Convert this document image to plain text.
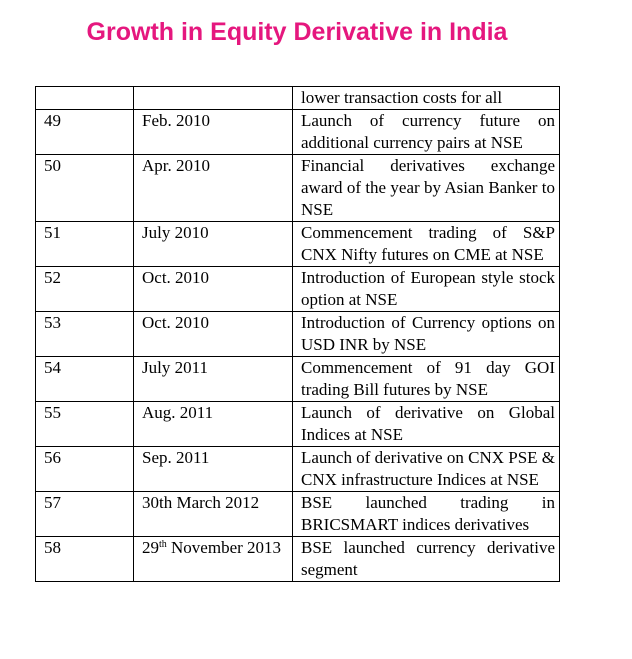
Growth in Equity Derivative in India
		lower transaction costs for all
49	Feb. 2010	Launch of currency future on additional currency pairs at NSE
50	Apr. 2010	Financial derivatives exchange award of the year by Asian Banker to NSE
51	July 2010	Commencement trading of S&P CNX Nifty futures on CME at NSE
52	Oct. 2010	Introduction of European style stock option at NSE
53	Oct. 2010	Introduction of Currency options on USD INR by NSE
54	July 2011	Commencement of 91 day GOI trading Bill futures by NSE
55	Aug. 2011	Launch of derivative on Global Indices at NSE
56	Sep. 2011	Launch of derivative on CNX PSE & CNX infrastructure Indices at NSE
57	30th March 2012	BSE launched trading in BRICSMART indices derivatives
58	29th November 2013	BSE launched currency derivative segment
